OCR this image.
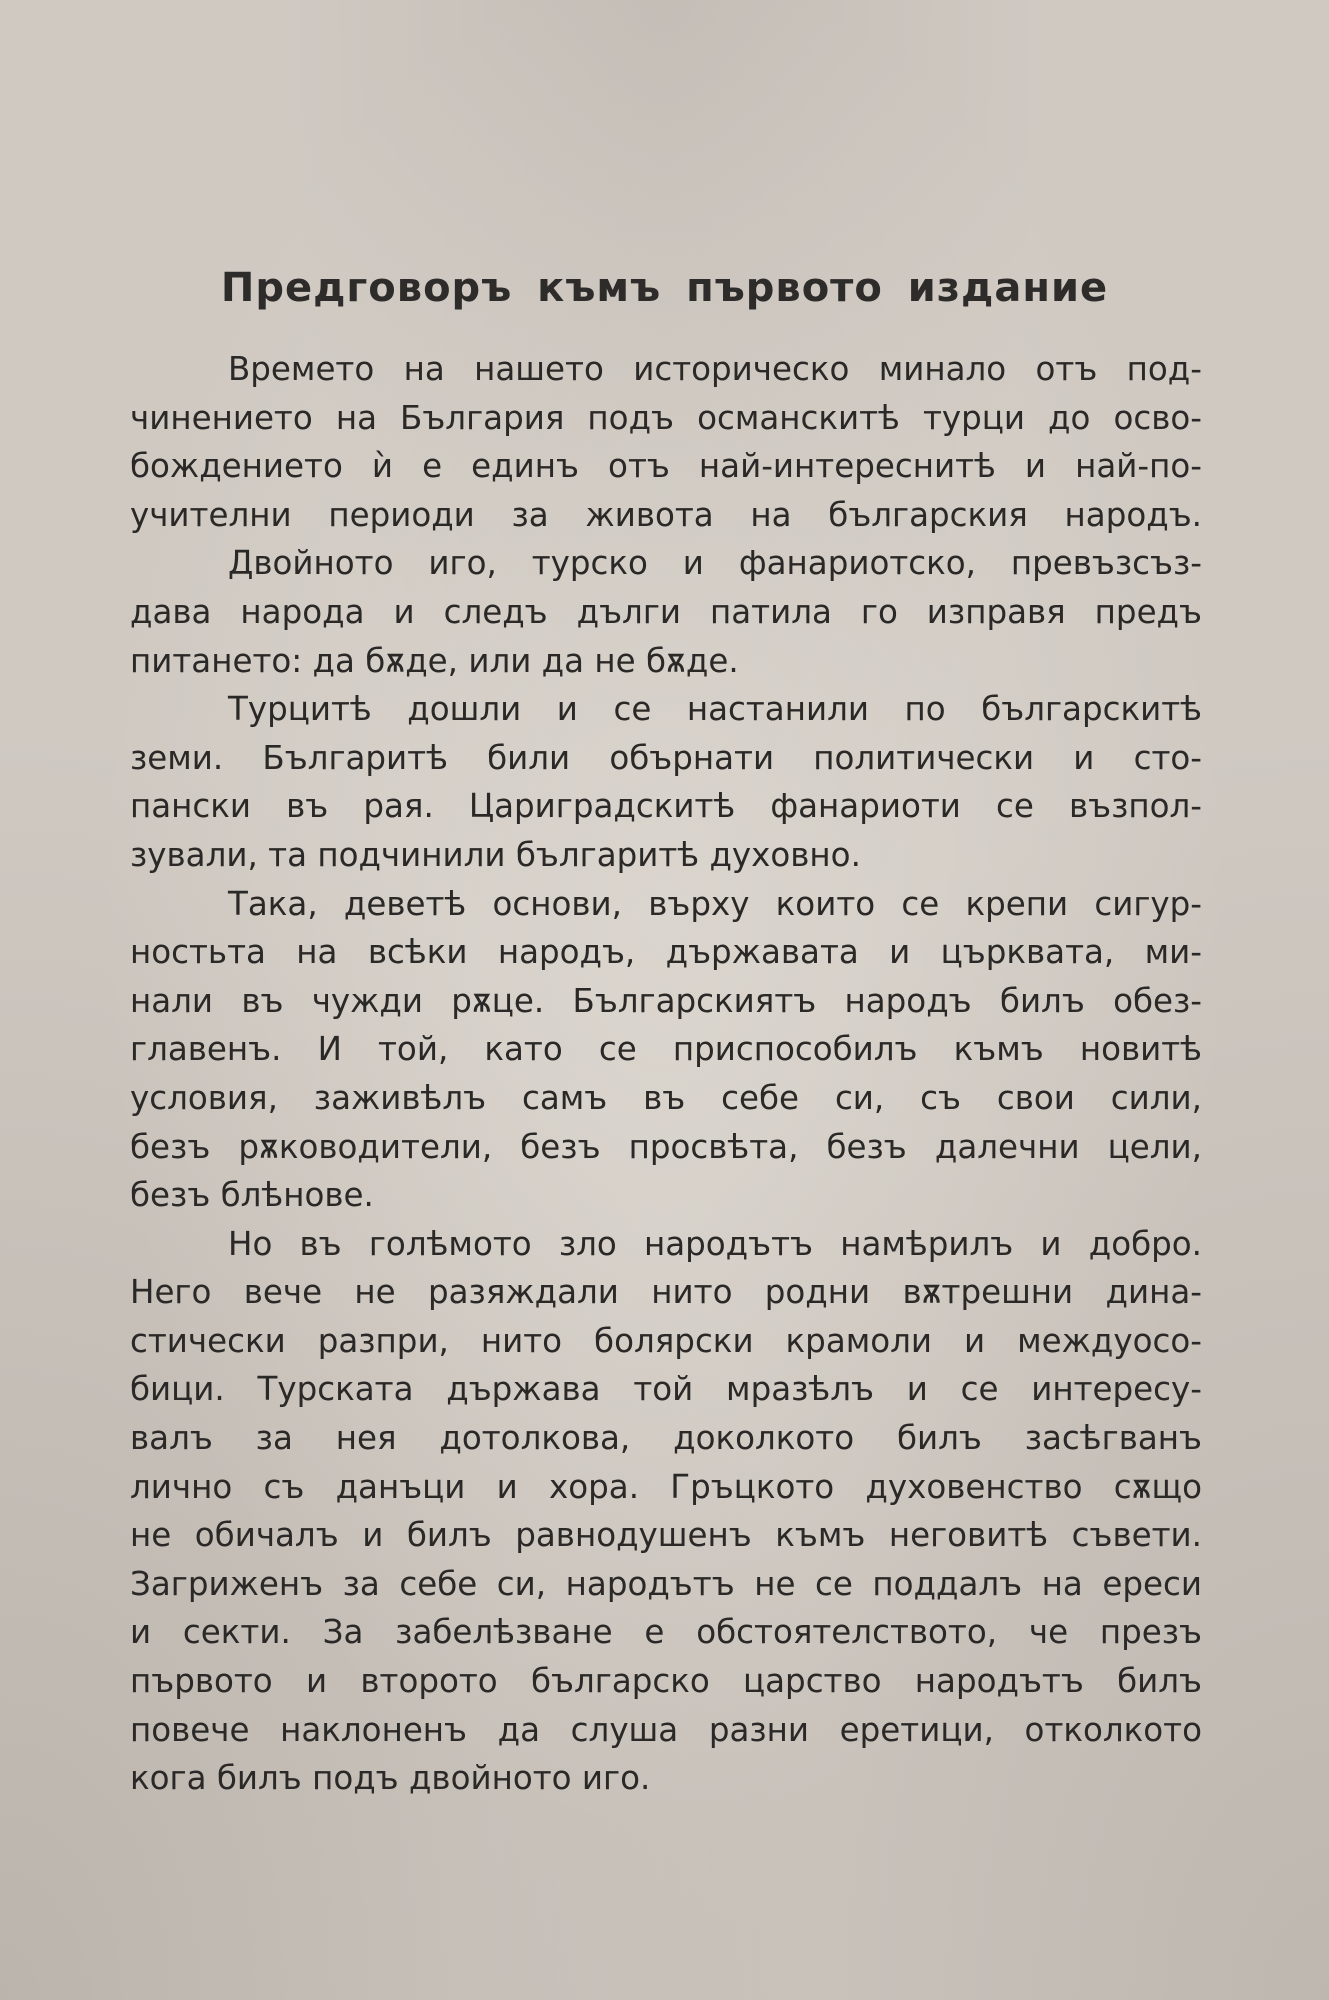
Предговоръ къмъ първото издание
Времето на нашето историческо минало отъ под-
чинението на България подъ османскитѣ турци до осво-
бождението ѝ е единъ отъ най-интереснитѣ и най-по-
учителни периоди за живота на българския народъ.
Двойното иго, турско и фанариотско, превъзсъз-
дава народа и следъ дълги патила го изправя предъ
питането: да бѫде, или да не бѫде.
Турцитѣ дошли и се настанили по българскитѣ
земи. Българитѣ били обърнати политически и сто-
пански въ рая. Цариградскитѣ фанариоти се възпол-
зували, та подчинили българитѣ духовно.
Така, деветѣ основи, върху които се крепи сигур-
ностьта на всѣки народъ, държавата и църквата, ми-
нали въ чужди рѫце. Българскиятъ народъ билъ обез-
главенъ. И той, като се приспособилъ къмъ новитѣ
условия, заживѣлъ самъ въ себе си, съ свои сили,
безъ рѫководители, безъ просвѣта, безъ далечни цели,
безъ блѣнове.
Но въ голѣмото зло народътъ намѣрилъ и добро.
Него вече не разяждали нито родни вѫтрешни дина-
стически разпри, нито болярски крамоли и междуосо-
бици. Турската държава той мразѣлъ и се интересу-
валъ за нея дотолкова, доколкото билъ засѣгванъ
лично съ данъци и хора. Гръцкото духовенство сѫщо
не обичалъ и билъ равнодушенъ къмъ неговитѣ съвети.
Загриженъ за себе си, народътъ не се поддалъ на ереси
и секти. За забелѣзване е обстоятелството, че презъ
първото и второто българско царство народътъ билъ
повече наклоненъ да слуша разни еретици, отколкото
кога билъ подъ двойното иго.
